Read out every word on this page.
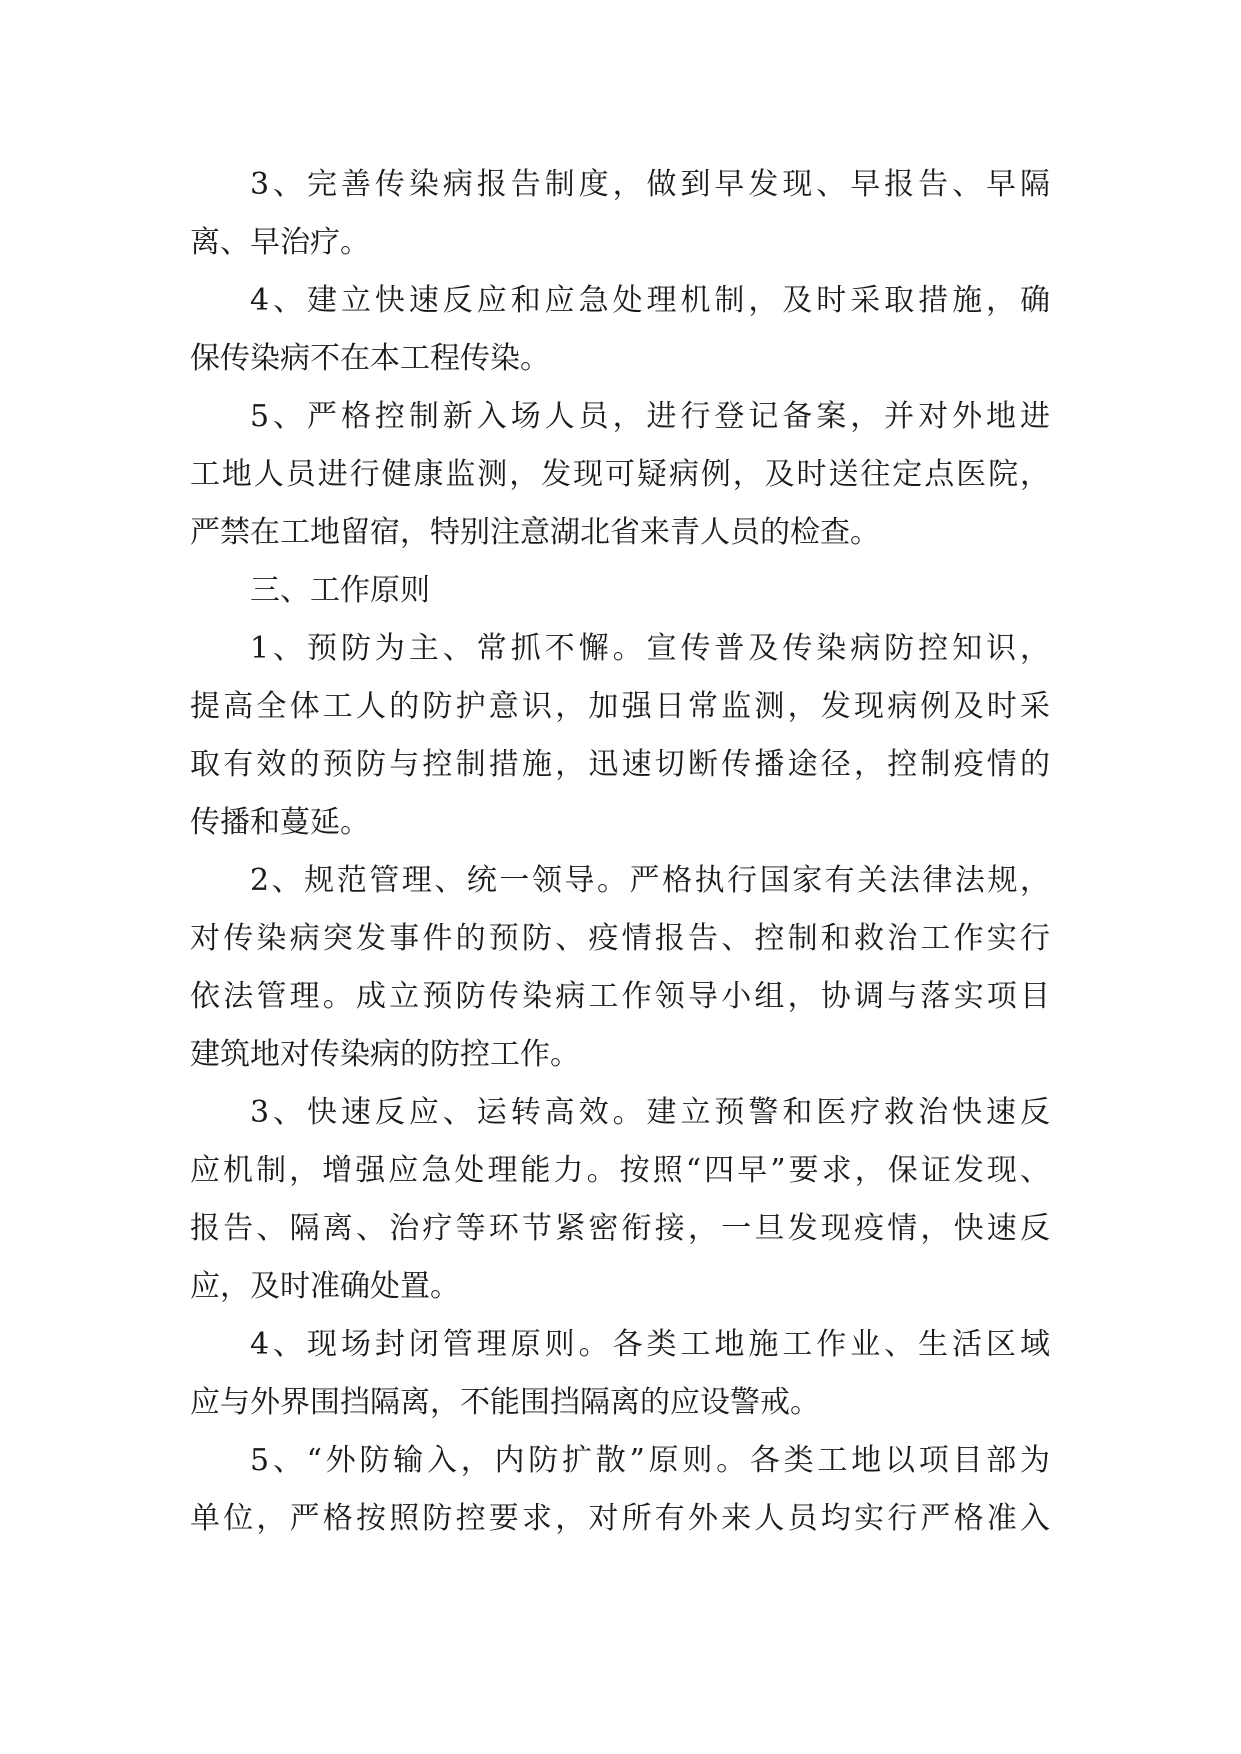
3、完善传染病报告制度，做到早发现、早报告、早隔
离、早治疗。
4、建立快速反应和应急处理机制，及时采取措施，确
保传染病不在本工程传染。
5、严格控制新入场人员，进行登记备案，并对外地进
工地人员进行健康监测，发现可疑病例，及时送往定点医院，
严禁在工地留宿，特别注意湖北省来青人员的检查。
三、工作原则
1、预防为主、常抓不懈。宣传普及传染病防控知识，
提高全体工人的防护意识，加强日常监测，发现病例及时采
取有效的预防与控制措施，迅速切断传播途径，控制疫情的
传播和蔓延。
2、规范管理、统一领导。严格执行国家有关法律法规，
对传染病突发事件的预防、疫情报告、控制和救治工作实行
依法管理。成立预防传染病工作领导小组，协调与落实项目
建筑地对传染病的防控工作。
3、快速反应、运转高效。建立预警和医疗救治快速反
应机制，增强应急处理能力。按照“四早”要求，保证发现、
报告、隔离、治疗等环节紧密衔接，一旦发现疫情，快速反
应，及时准确处置。
4、现场封闭管理原则。各类工地施工作业、生活区域
应与外界围挡隔离，不能围挡隔离的应设警戒。
5、“外防输入，内防扩散”原则。各类工地以项目部为
单位，严格按照防控要求，对所有外来人员均实行严格准入
